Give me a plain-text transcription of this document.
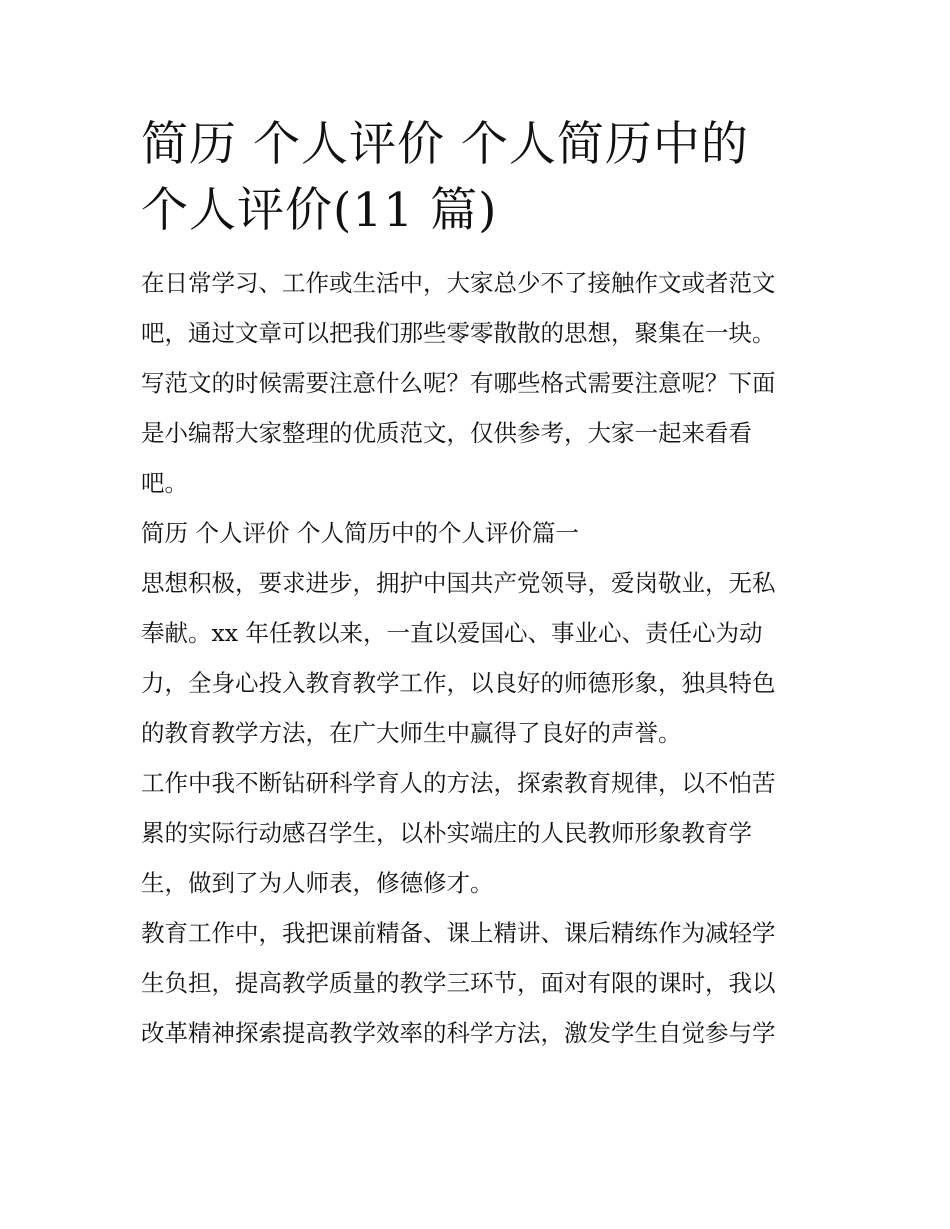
简历 个人评价 个人简历中的
个人评价(11 篇)

在日常学习、工作或生活中，大家总少不了接触作文或者范文
吧，通过文章可以把我们那些零零散散的思想，聚集在一块。
写范文的时候需要注意什么呢？有哪些格式需要注意呢？下面
是小编帮大家整理的优质范文，仅供参考，大家一起来看看
吧。

简历 个人评价 个人简历中的个人评价篇一

思想积极，要求进步，拥护中国共产党领导，爱岗敬业，无私
奉献。xx 年任教以来，一直以爱国心、事业心、责任心为动
力，全身心投入教育教学工作，以良好的师德形象，独具特色
的教育教学方法，在广大师生中赢得了良好的声誉。

工作中我不断钻研科学育人的方法，探索教育规律，以不怕苦
累的实际行动感召学生，以朴实端庄的人民教师形象教育学
生，做到了为人师表，修德修才。

教育工作中，我把课前精备、课上精讲、课后精练作为减轻学
生负担，提高教学质量的教学三环节，面对有限的课时，我以
改革精神探索提高教学效率的科学方法，激发学生自觉参与学
